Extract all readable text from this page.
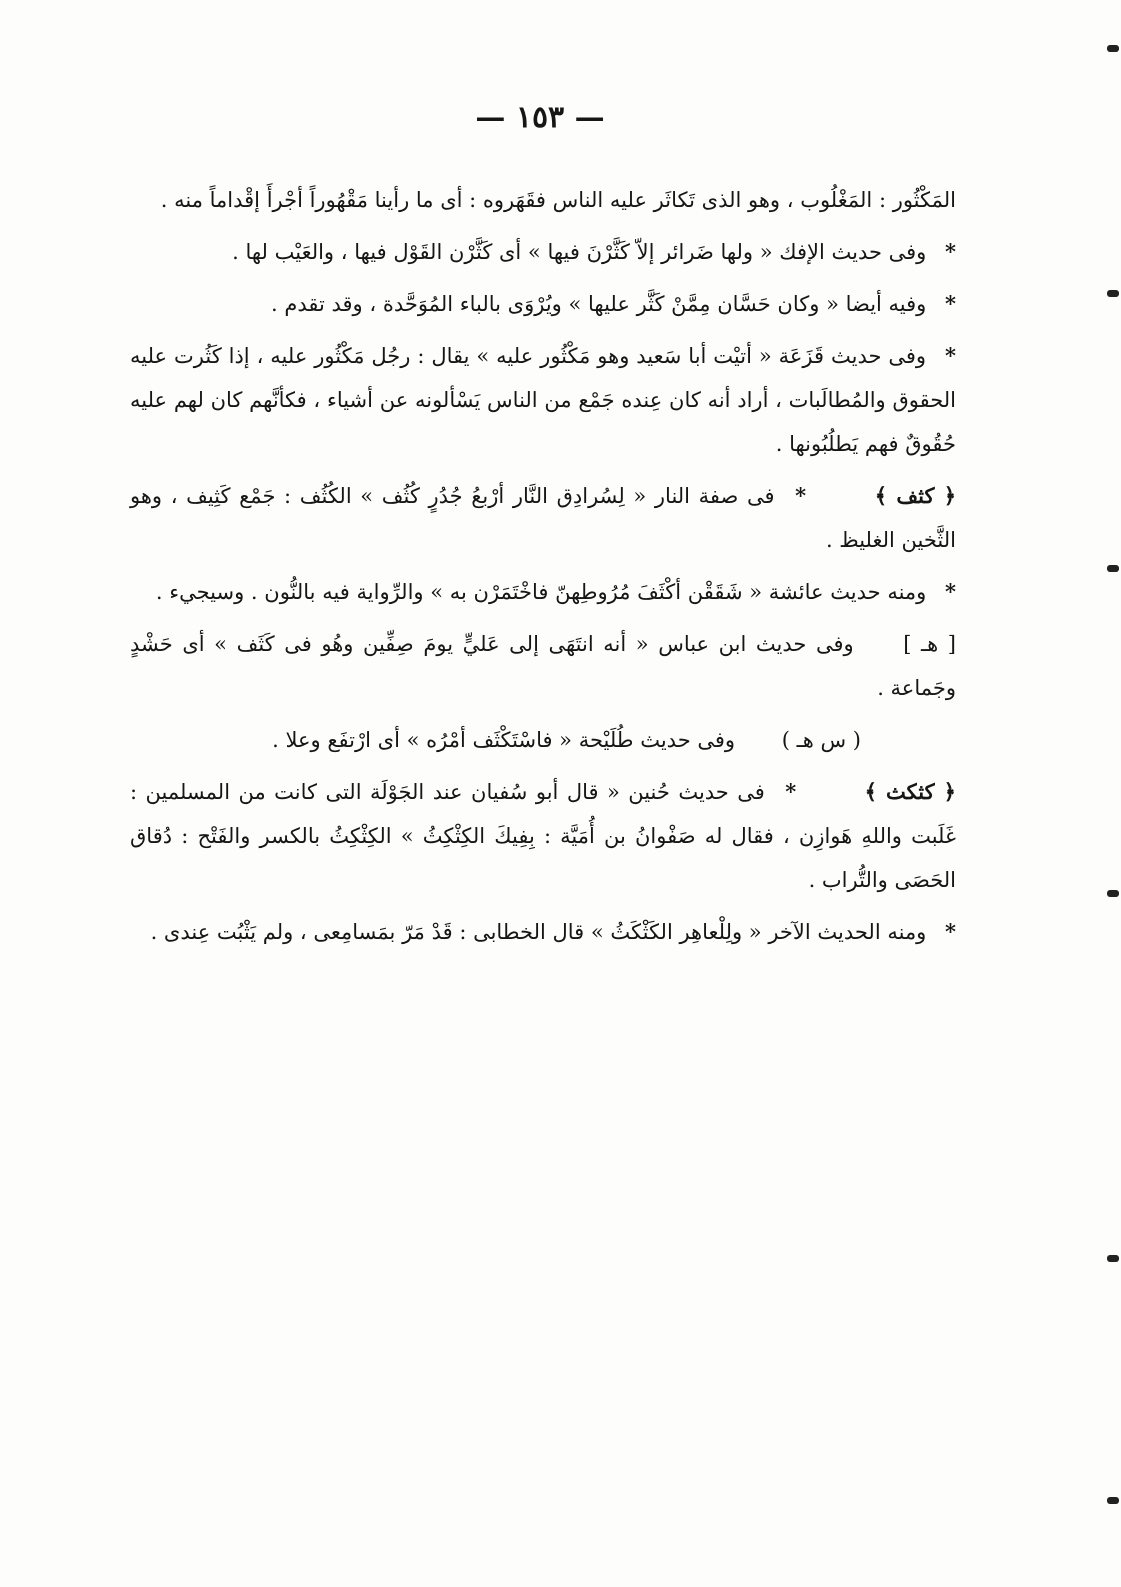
— ١٥٣ —

المَكْثُور : المَغْلُوب ، وهو الذى تَكاثَر عليه الناس فقَهَروه : أى ما رأينا مَقْهُوراً أجْرأَ إقْداماً منه .

* وفى حديث الإفك « ولها ضَرائر إلاّ كَثَّرْنَ فيها » أى كَثَّرْن القَوْل فيها ، والعَيْب لها .

* وفيه أيضا « وكان حَسَّان مِمَّنْ كَثَّر عليها » ويُرْوَى بالباء المُوَحَّدة ، وقد تقدم .

* وفى حديث قَزَعَة « أتيْت أبا سَعيد وهو مَكْثُور عليه » يقال : رجُل مَكْثُور عليه ، إذا كَثُرت عليه الحقوق والمُطالَبات ، أراد أنه كان عِنده جَمْع من الناس يَسْألونه عن أشياء ، فكأنَّهم كان لهم عليه حُقُوقٌ فهم يَطلُبُونها .

﴿ كثف ﴾ * فى صفة النار « لِسُرادِق النَّار أرْبعُ جُدُرٍ كُثُف » الكُثُف : جَمْع كَثِيف ، وهو الثَّخين الغليظ .

* ومنه حديث عائشة « شَقَقْن أكْثَفَ مُرُوطِهنّ فاخْتَمَرْن به » والرِّواية فيه بالنُّون . وسيجيء .

[ هـ ] وفى حديث ابن عباس « أنه انتَهَى إلى عَليٍّ يومَ صِفِّين وهُو فى كَثَف » أى حَشْدٍ وجَماعة .

( س هـ ) وفى حديث طُلَيْحة « فاسْتَكْثَف أمْرُه » أى ارْتفَع وعلا .

﴿ كثكث ﴾ * فى حديث حُنين « قال أبو سُفيان عند الجَوْلَة التى كانت من المسلمين : غَلَبت واللهِ هَوازِن ، فقال له صَفْوانُ بن أُمَيَّة : بِفِيكَ الكِثْكِثُ » الكِثْكِثُ بالكسر والفَتْح : دُقاق الحَصَى والتُّراب .

* ومنه الحديث الآخر « ولِلْعاهِر الكَثْكَثُ » قال الخطابى : قَدْ مَرّ بمَسامِعى ، ولم يَثْبُت عِندى .
